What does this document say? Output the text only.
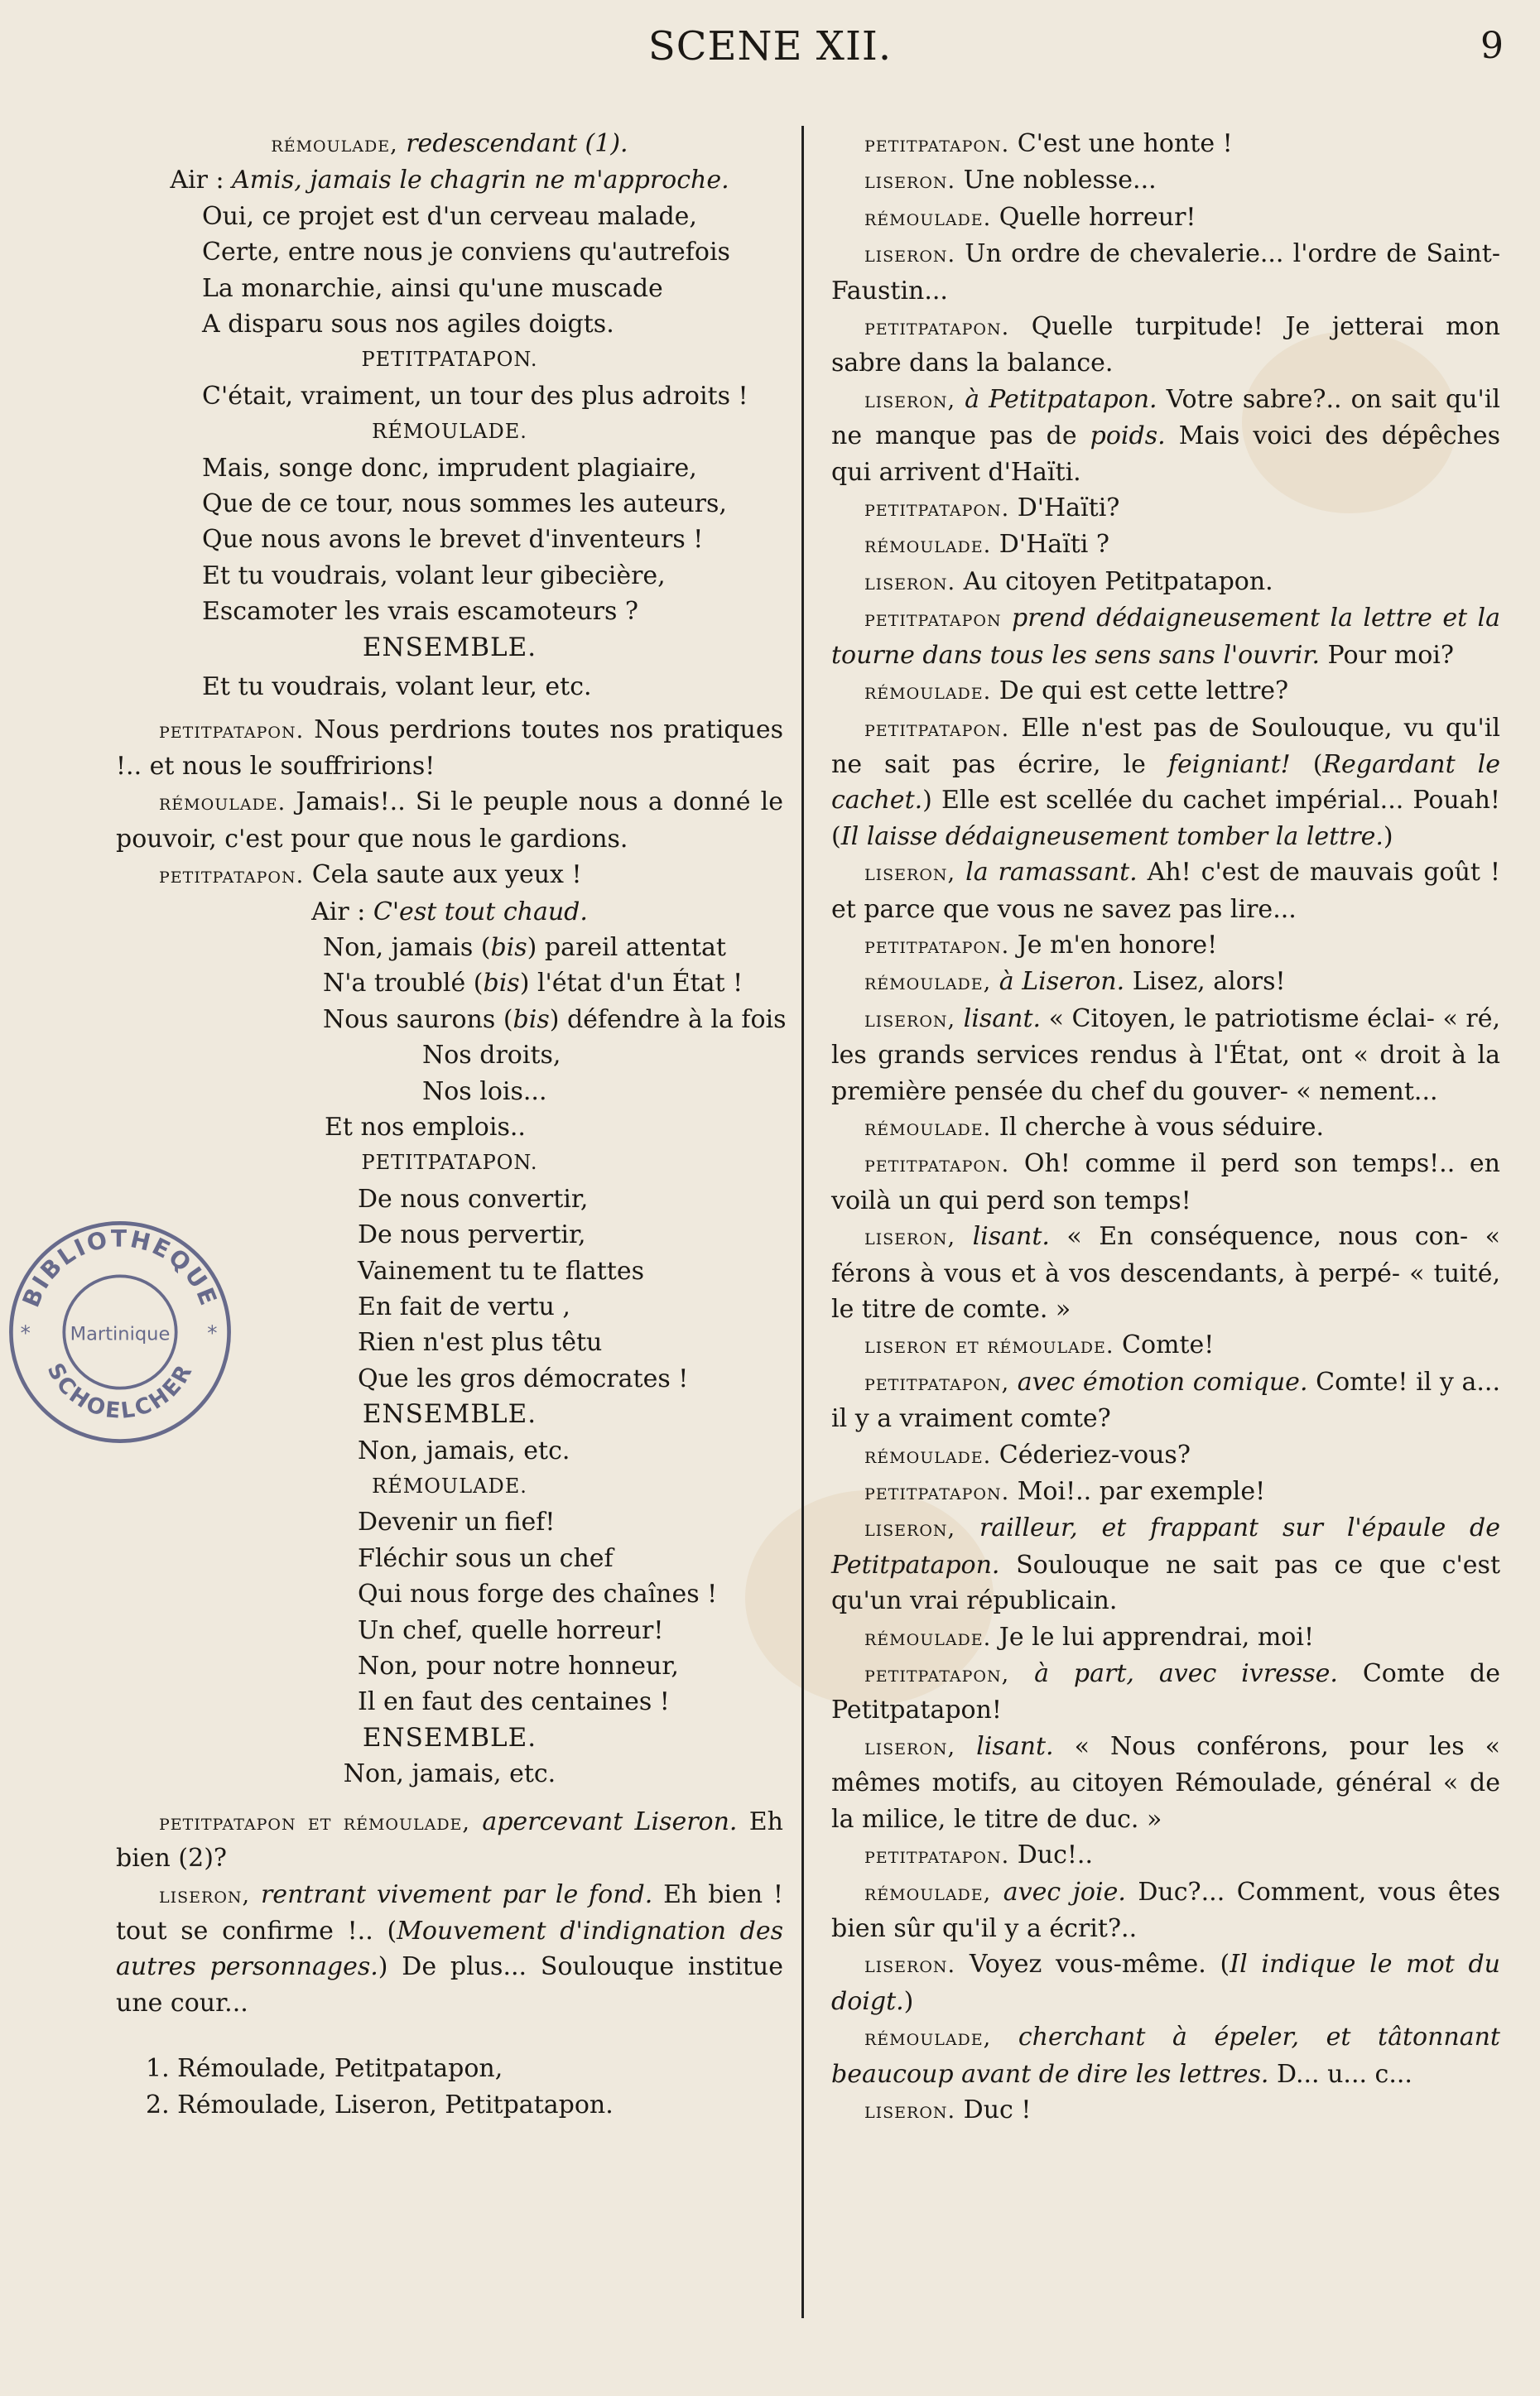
SCENE XII.	9

rémoulade, redescendant (1).

Air : Amis, jamais le chagrin ne m'approche.

Oui, ce projet est d'un cerveau malade,

Certe, entre nous je conviens qu'autrefois

La monarchie, ainsi qu'une muscade

A disparu sous nos agiles doigts.

PETITPATAPON.

C'était, vraiment, un tour des plus adroits !

RÉMOULADE.

Mais, songe donc, imprudent plagiaire,

Que de ce tour, nous sommes les auteurs,

Que nous avons le brevet d'inventeurs !

Et tu voudrais, volant leur gibecière,

Escamoter les vrais escamoteurs ?

ENSEMBLE.

Et tu voudrais, volant leur, etc.

petitpatapon. Nous perdrions toutes nos pratiques !.. et nous le souffririons!

rémoulade. Jamais!.. Si le peuple nous a donné le pouvoir, c'est pour que nous le gardions.

petitpatapon. Cela saute aux yeux !

Air : C'est tout chaud.

Non, jamais (bis) pareil attentat

N'a troublé (bis) l'état d'un État !

Nous saurons (bis) défendre à la fois

Nos droits,

Nos lois...

Et nos emplois..

PETITPATAPON.

De nous convertir,

De nous pervertir,

Vainement tu te flattes

En fait de vertu ,

Rien n'est plus têtu

Que les gros démocrates !

ENSEMBLE.

Non, jamais, etc.

RÉMOULADE.

Devenir un fief!

Fléchir sous un chef

Qui nous forge des chaînes !

Un chef, quelle horreur!

Non, pour notre honneur,

Il en faut des centaines !

ENSEMBLE.

Non, jamais, etc.

petitpatapon et rémoulade, apercevant Liseron. Eh bien (2)?

liseron, rentrant vivement par le fond. Eh bien ! tout se confirme !.. (Mouvement d'indignation des autres personnages.) De plus... Soulouque institue une cour...

1. Rémoulade, Petitpatapon,

2. Rémoulade, Liseron, Petitpatapon.

petitpatapon. C'est une honte !

liseron. Une noblesse...

rémoulade. Quelle horreur!

liseron. Un ordre de chevalerie... l'ordre de Saint-Faustin...

petitpatapon. Quelle turpitude! Je jetterai mon sabre dans la balance.

liseron, à Petitpatapon. Votre sabre?.. on sait qu'il ne manque pas de poids. Mais voici des dépêches qui arrivent d'Haïti.

petitpatapon. D'Haïti?

rémoulade. D'Haïti ?

liseron. Au citoyen Petitpatapon.

petitpatapon prend dédaigneusement la lettre et la tourne dans tous les sens sans l'ouvrir. Pour moi?

rémoulade. De qui est cette lettre?

petitpatapon. Elle n'est pas de Soulouque, vu qu'il ne sait pas écrire, le feigniant! (Regardant le cachet.) Elle est scellée du cachet impérial... Pouah! (Il laisse dédaigneusement tomber la lettre.)

liseron, la ramassant. Ah! c'est de mauvais goût ! et parce que vous ne savez pas lire...

petitpatapon. Je m'en honore!

rémoulade, à Liseron. Lisez, alors!

liseron, lisant. « Citoyen, le patriotisme éclai- « ré, les grands services rendus à l'État, ont « droit à la première pensée du chef du gouver- « nement...

rémoulade. Il cherche à vous séduire.

petitpatapon. Oh! comme il perd son temps!.. en voilà un qui perd son temps!

liseron, lisant. « En conséquence, nous con- « férons à vous et à vos descendants, à perpé- « tuité, le titre de comte. »

liseron et rémoulade. Comte!

petitpatapon, avec émotion comique. Comte! il y a... il y a vraiment comte?

rémoulade. Céderiez-vous?

petitpatapon. Moi!.. par exemple!

liseron, railleur, et frappant sur l'épaule de Petitpatapon. Soulouque ne sait pas ce que c'est qu'un vrai républicain.

rémoulade. Je le lui apprendrai, moi!

petitpatapon, à part, avec ivresse. Comte de Petitpatapon!

liseron, lisant. « Nous conférons, pour les « mêmes motifs, au citoyen Rémoulade, général « de la milice, le titre de duc. »

petitpatapon. Duc!..

rémoulade, avec joie. Duc?... Comment, vous êtes bien sûr qu'il y a écrit?..

liseron. Voyez vous-même. (Il indique le mot du doigt.)

rémoulade, cherchant à épeler, et tâtonnant beaucoup avant de dire les lettres. D... u... c...

liseron. Duc !

BIBLIOTHEQUE
SCHOELCHER
Martinique
*	*
